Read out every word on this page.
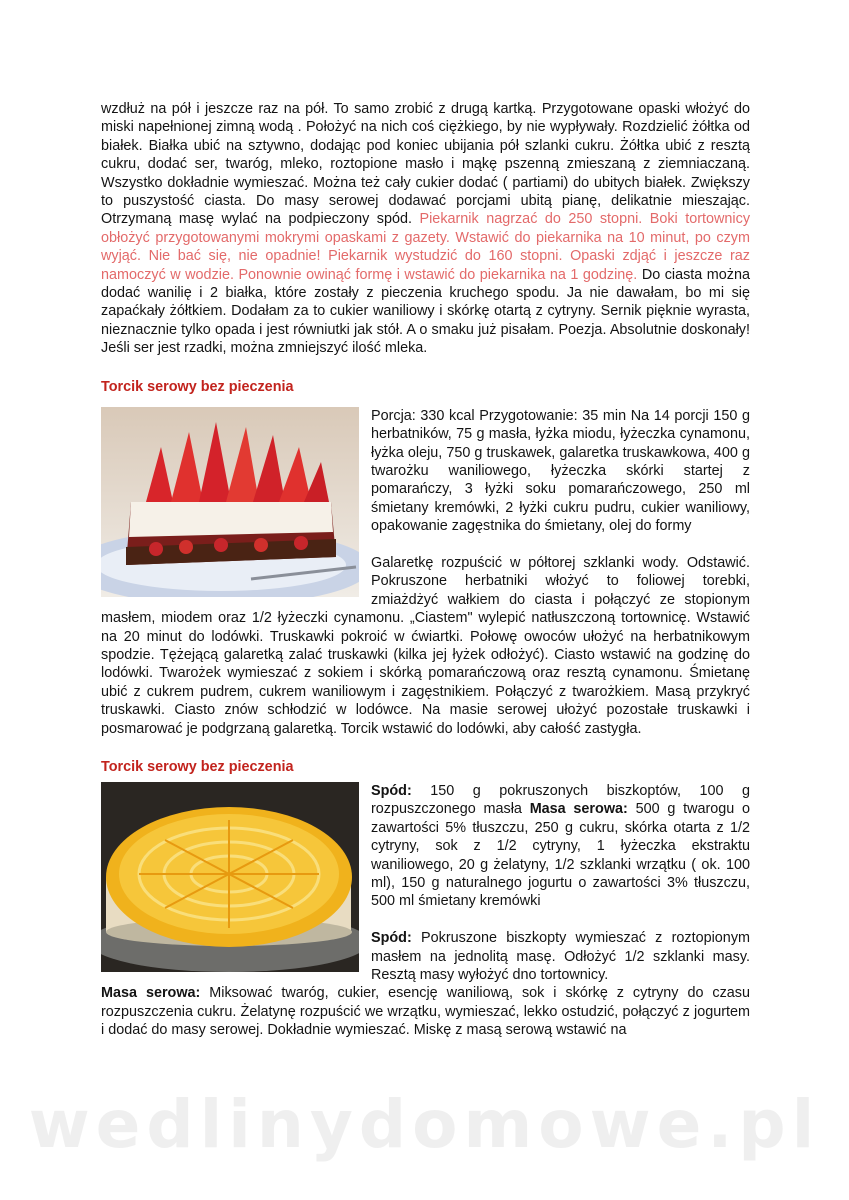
wzdłuż na pół i jeszcze raz na pół. To samo zrobić z drugą kartką. Przygotowane opaski włożyć do miski napełnionej zimną wodą . Położyć na nich coś ciężkiego, by nie wypływały. Rozdzielić żółtka od białek. Białka ubić na sztywno, dodając pod koniec ubijania pół szlanki cukru. Żółtka ubić z resztą cukru, dodać ser, twaróg, mleko, roztopione masło i mąkę pszenną zmieszaną z ziemniaczaną. Wszystko dokładnie wymieszać. Można też cały cukier dodać ( partiami) do ubitych białek. Zwiększy to puszystość ciasta. Do masy serowej dodawać porcjami ubitą pianę, delikatnie mieszając. Otrzymaną masę wylać na podpieczony spód. Piekarnik nagrzać do 250 stopni. Boki tortownicy obłożyć przygotowanymi mokrymi opaskami z gazety. Wstawić do piekarnika na 10 minut, po czym wyjąć. Nie bać się, nie opadnie! Piekarnik wystudzić do 160 stopni. Opaski zdjąć i jeszcze raz namoczyć w wodzie. Ponownie owinąć formę i wstawić do piekarnika na 1 godzinę. Do ciasta można dodać wanilię i 2 białka, które zostały z pieczenia kruchego spodu. Ja nie dawałam, bo mi się zapaćkały żółtkiem. Dodałam za to cukier waniliowy i skórkę otartą z cytryny. Sernik pięknie wyrasta, nieznacznie tylko opada i jest równiutki jak stół. A o smaku już pisałam. Poezja. Absolutnie doskonały! Jeśli ser jest rzadki, można zmniejszyć ilość mleka.

Torcik serowy bez pieczenia

Porcja: 330 kcal Przygotowanie: 35 min Na 14 porcji 150 g herbatników, 75 g masła, łyżka miodu, łyżeczka cynamonu, łyżka oleju, 750 g truskawek, galaretka truskawkowa, 400 g twarożku waniliowego, łyżeczka skórki startej z pomarańczy, 3 łyżki soku pomarańczowego, 250 ml śmietany kremówki, 2 łyżki cukru pudru, cukier waniliowy, opakowanie zagęstnika do śmietany, olej do formy

Galaretkę rozpuścić w półtorej szklanki wody. Odstawić. Pokruszone herbatniki włożyć to foliowej torebki, zmiażdżyć wałkiem do ciasta i połączyć ze stopionym masłem, miodem oraz 1/2 łyżeczki cynamonu. „Ciastem" wylepić natłuszczoną tortownicę. Wstawić na 20 minut do lodówki. Truskawki pokroić w ćwiartki. Połowę owoców ułożyć na herbatnikowym spodzie. Tężejącą galaretką zalać truskawki (kilka jej łyżek odłożyć). Ciasto wstawić na godzinę do lodówki. Twarożek wymieszać z sokiem i skórką pomarańczową oraz resztą cynamonu. Śmietanę ubić z cukrem pudrem, cukrem waniliowym i zagęstnikiem. Połączyć z twarożkiem. Masą przykryć truskawki. Ciasto znów schłodzić w lodówce. Na masie serowej ułożyć pozostałe truskawki i posmarować je podgrzaną galaretką. Torcik wstawić do lodówki, aby całość zastygła.

Torcik serowy bez pieczenia

Spód: 150 g pokruszonych biszkoptów, 100 g rozpuszczonego masła Masa serowa: 500 g twarogu o zawartości 5% tłuszczu, 250 g cukru, skórka otarta z 1/2 cytryny, sok z 1/2 cytryny, 1 łyżeczka ekstraktu waniliowego, 20 g żelatyny, 1/2 szklanki wrzątku ( ok. 100 ml), 150 g naturalnego jogurtu o zawartości 3% tłuszczu, 500 ml śmietany kremówki

Spód: Pokruszone biszkopty wymieszać z roztopionym masłem na jednolitą masę. Odłożyć 1/2 szklanki masy. Resztą masy wyłożyć dno tortownicy.

Masa serowa: Miksować twaróg, cukier, esencję waniliową, sok i skórkę z cytryny do czasu rozpuszczenia cukru. Żelatynę rozpuścić we wrzątku, wymieszać, lekko ostudzić, połączyć z jogurtem i dodać do masy serowej. Dokładnie wymieszać. Miskę z masą serową wstawić na

wedlinydomowe.pl
